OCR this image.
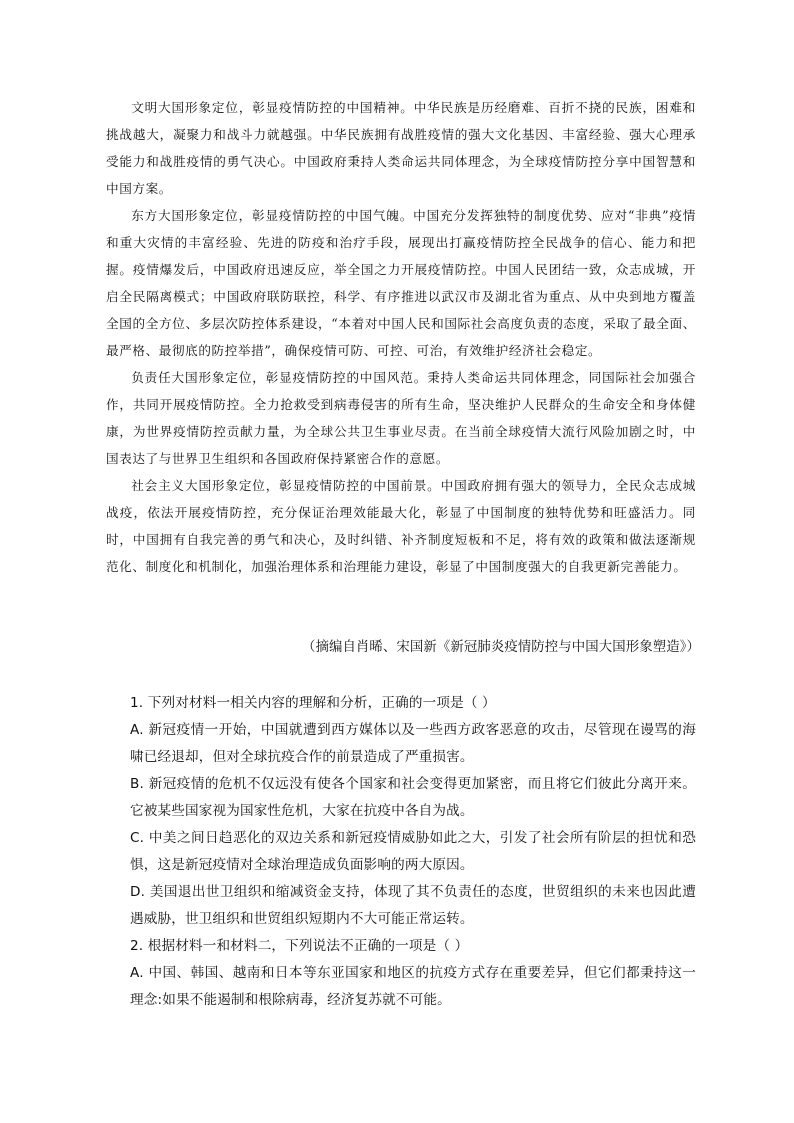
文明大国形象定位，彰显疫情防控的中国精神。中华民族是历经磨难、百折不挠的民族，困难和挑战越大，凝聚力和战斗力就越强。中华民族拥有战胜疫情的强大文化基因、丰富经验、强大心理承受能力和战胜疫情的勇气决心。中国政府秉持人类命运共同体理念，为全球疫情防控分享中国智慧和中国方案。

东方大国形象定位，彰显疫情防控的中国气魄。中国充分发挥独特的制度优势、应对“非典”疫情和重大灾情的丰富经验、先进的防疫和治疗手段，展现出打赢疫情防控全民战争的信心、能力和把握。疫情爆发后，中国政府迅速反应，举全国之力开展疫情防控。中国人民团结一致，众志成城，开启全民隔离模式；中国政府联防联控，科学、有序推进以武汉市及湖北省为重点、从中央到地方覆盖全国的全方位、多层次防控体系建设，“本着对中国人民和国际社会高度负责的态度，采取了最全面、最严格、最彻底的防控举措”，确保疫情可防、可控、可治，有效维护经济社会稳定。

负责任大国形象定位，彰显疫情防控的中国风范。秉持人类命运共同体理念，同国际社会加强合作，共同开展疫情防控。全力抢救受到病毒侵害的所有生命，坚决维护人民群众的生命安全和身体健康，为世界疫情防控贡献力量，为全球公共卫生事业尽责。在当前全球疫情大流行风险加剧之时，中国表达了与世界卫生组织和各国政府保持紧密合作的意愿。

社会主义大国形象定位，彰显疫情防控的中国前景。中国政府拥有强大的领导力，全民众志成城战疫，依法开展疫情防控，充分保证治理效能最大化，彰显了中国制度的独特优势和旺盛活力。同时，中国拥有自我完善的勇气和决心，及时纠错、补齐制度短板和不足，将有效的政策和做法逐渐规范化、制度化和机制化，加强治理体系和治理能力建设，彰显了中国制度强大的自我更新完善能力。

（摘编自肖晞、宋国新《新冠肺炎疫情防控与中国大国形象塑造》）

1. 下列对材料一相关内容的理解和分析，正确的一项是（ ）

A. 新冠疫情一开始，中国就遭到西方媒体以及一些西方政客恶意的攻击，尽管现在谩骂的海啸已经退却，但对全球抗疫合作的前景造成了严重损害。

B. 新冠疫情的危机不仅远没有使各个国家和社会变得更加紧密，而且将它们彼此分离开来。它被某些国家视为国家性危机，大家在抗疫中各自为战。

C. 中美之间日趋恶化的双边关系和新冠疫情威胁如此之大，引发了社会所有阶层的担忧和恐惧，这是新冠疫情对全球治理造成负面影响的两大原因。

D. 美国退出世卫组织和缩减资金支持，体现了其不负责任的态度，世贸组织的未来也因此遭遇威胁，世卫组织和世贸组织短期内不大可能正常运转。

2. 根据材料一和材料二，下列说法不正确的一项是（ ）

A. 中国、韩国、越南和日本等东亚国家和地区的抗疫方式存在重要差异，但它们都秉持这一理念:如果不能遏制和根除病毒，经济复苏就不可能。
